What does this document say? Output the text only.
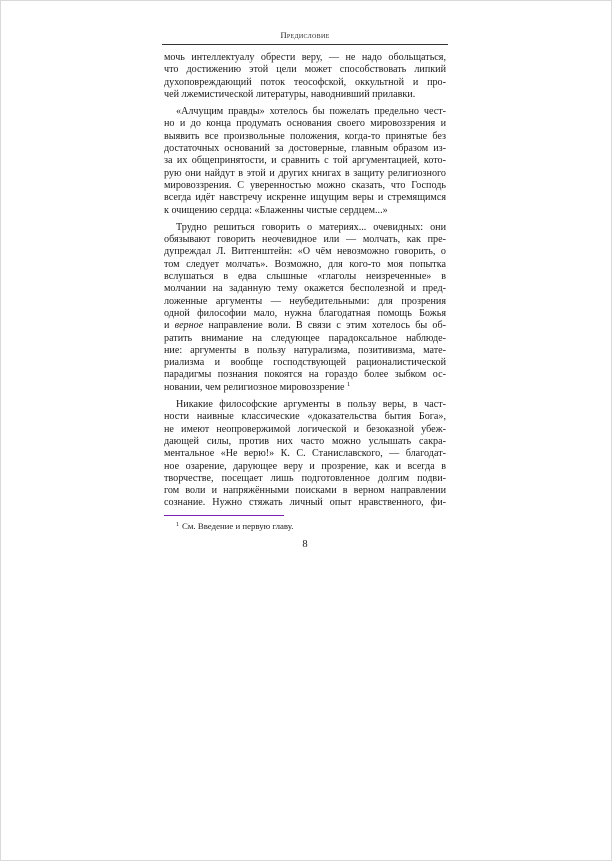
Предисловие

мочь интеллектуалу обрести веру, — не надо обольщаться,
что достижению этой цели может способствовать липкий
духоповреждающий поток теософской, оккультной и про-
чей лжемистической литературы, наводнивший прилавки.

«Алчущим правды» хотелось бы пожелать предельно чест-
но и до конца продумать основания своего мировоззрения и
выявить все произвольные положения, когда-то принятые без
достаточных оснований за достоверные, главным образом из-
за их общепринятости, и сравнить с той аргументацией, кото-
рую они найдут в этой и других книгах в защиту религиозного
мировоззрения. С уверенностью можно сказать, что Господь
всегда идёт навстречу искренне ищущим веры и стремящимся
к очищению сердца: «Блаженны чистые сердцем...»

Трудно решиться говорить о материях... очевидных: они
обязывают говорить неочевидное или — молчать, как пре-
дупреждал Л. Витгенштейн: «О чём невозможно говорить, о
том следует молчать». Возможно, для кого-то моя попытка
вслушаться в едва слышные «глаголы неизреченные» в
молчании на заданную тему окажется бесполезной и пред-
ложенные аргументы — неубедительными: для прозрения
одной философии мало, нужна благодатная помощь Божья
и верное направление воли. В связи с этим хотелось бы об-
ратить внимание на следующее парадоксальное наблюде-
ние: аргументы в пользу натурализма, позитивизма, мате-
риализма и вообще господствующей рационалистической
парадигмы познания покоятся на гораздо более зыбком ос-
новании, чем религиозное мировоззрение $^1$

Никакие философские аргументы в пользу веры, в част-
ности наивные классические «доказательства бытия Бога»,
не имеют неопровержимой логической и безоказной убеж-
дающей силы, против них часто можно услышать сакра-
ментальное «Не верю!» К. С. Станиславского, — благодат-
ное озарение, дарующее веру и прозрение, как и всегда в
творчестве, посещает лишь подготовленное долгим подви-
гом воли и напряжёнными поисками в верном направлении
сознание. Нужно стяжать личный опыт нравственного, фи-

$^1$ См. Введение и первую главу.
8
